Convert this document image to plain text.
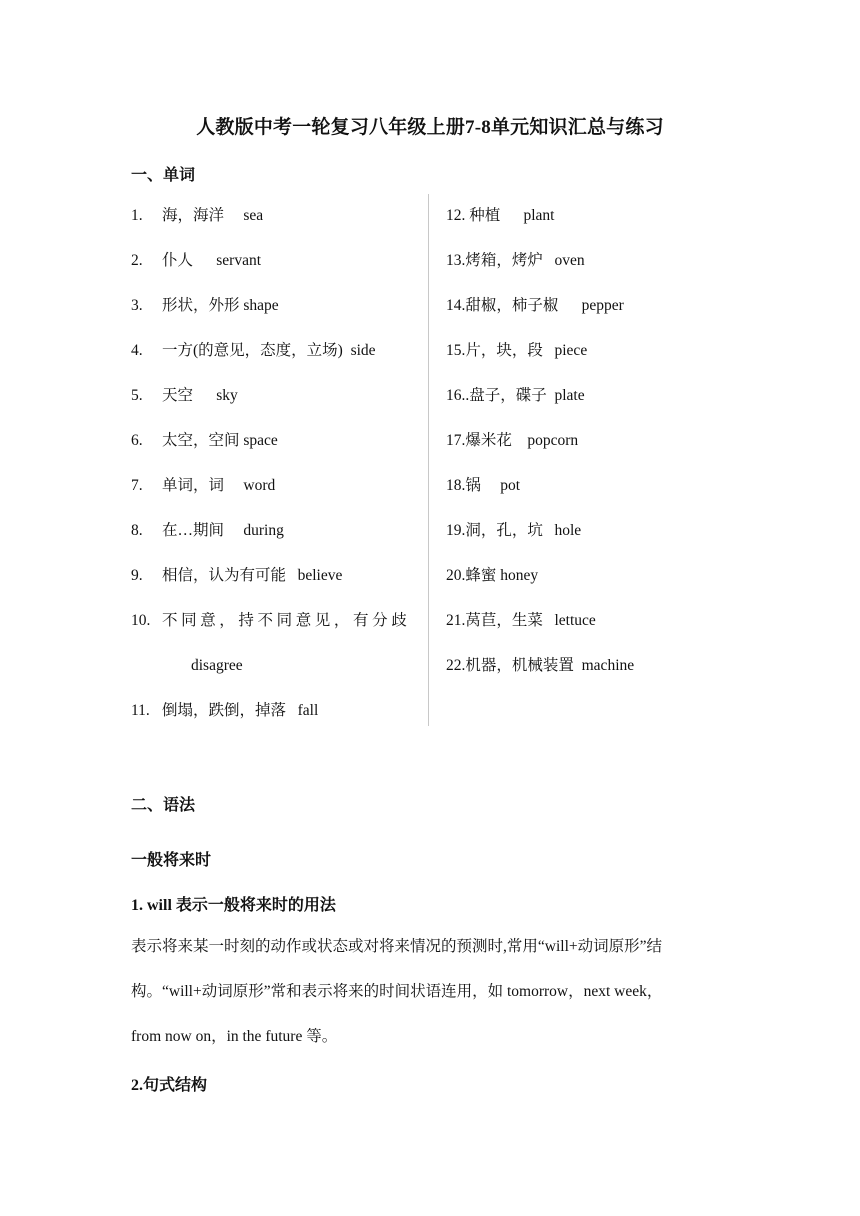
人教版中考一轮复习八年级上册7-8单元知识汇总与练习
一、单词
1. 海，海洋     sea
2. 仆人      servant
3. 形状，外形 shape
4. 一方(的意见，态度，立场)  side
5. 天空      sky
6. 太空，空间 space
7. 单词，词     word
8. 在…期间     during
9. 相信，认为有可能   believe
10. 不同意，持不同意见，有分歧
disagree
11. 倒塌，跌倒，掉落   fall
12. 种植      plant
13.烤箱，烤炉   oven
14.甜椒，柿子椒      pepper
15.片，块，段   piece
16..盘子，碟子  plate
17.爆米花    popcorn
18.锅     pot
19.洞，孔，坑   hole
20.蜂蜜 honey
21.莴苣，生菜   lettuce
22.机器，机械装置  machine
二、语法
一般将来时
1. will 表示一般将来时的用法
表示将来某一时刻的动作或状态或对将来情况的预测时,常用“will+动词原形”结
构。“will+动词原形”常和表示将来的时间状语连用，如 tomorrow，next week，
from now on，in the future 等。
2.句式结构
